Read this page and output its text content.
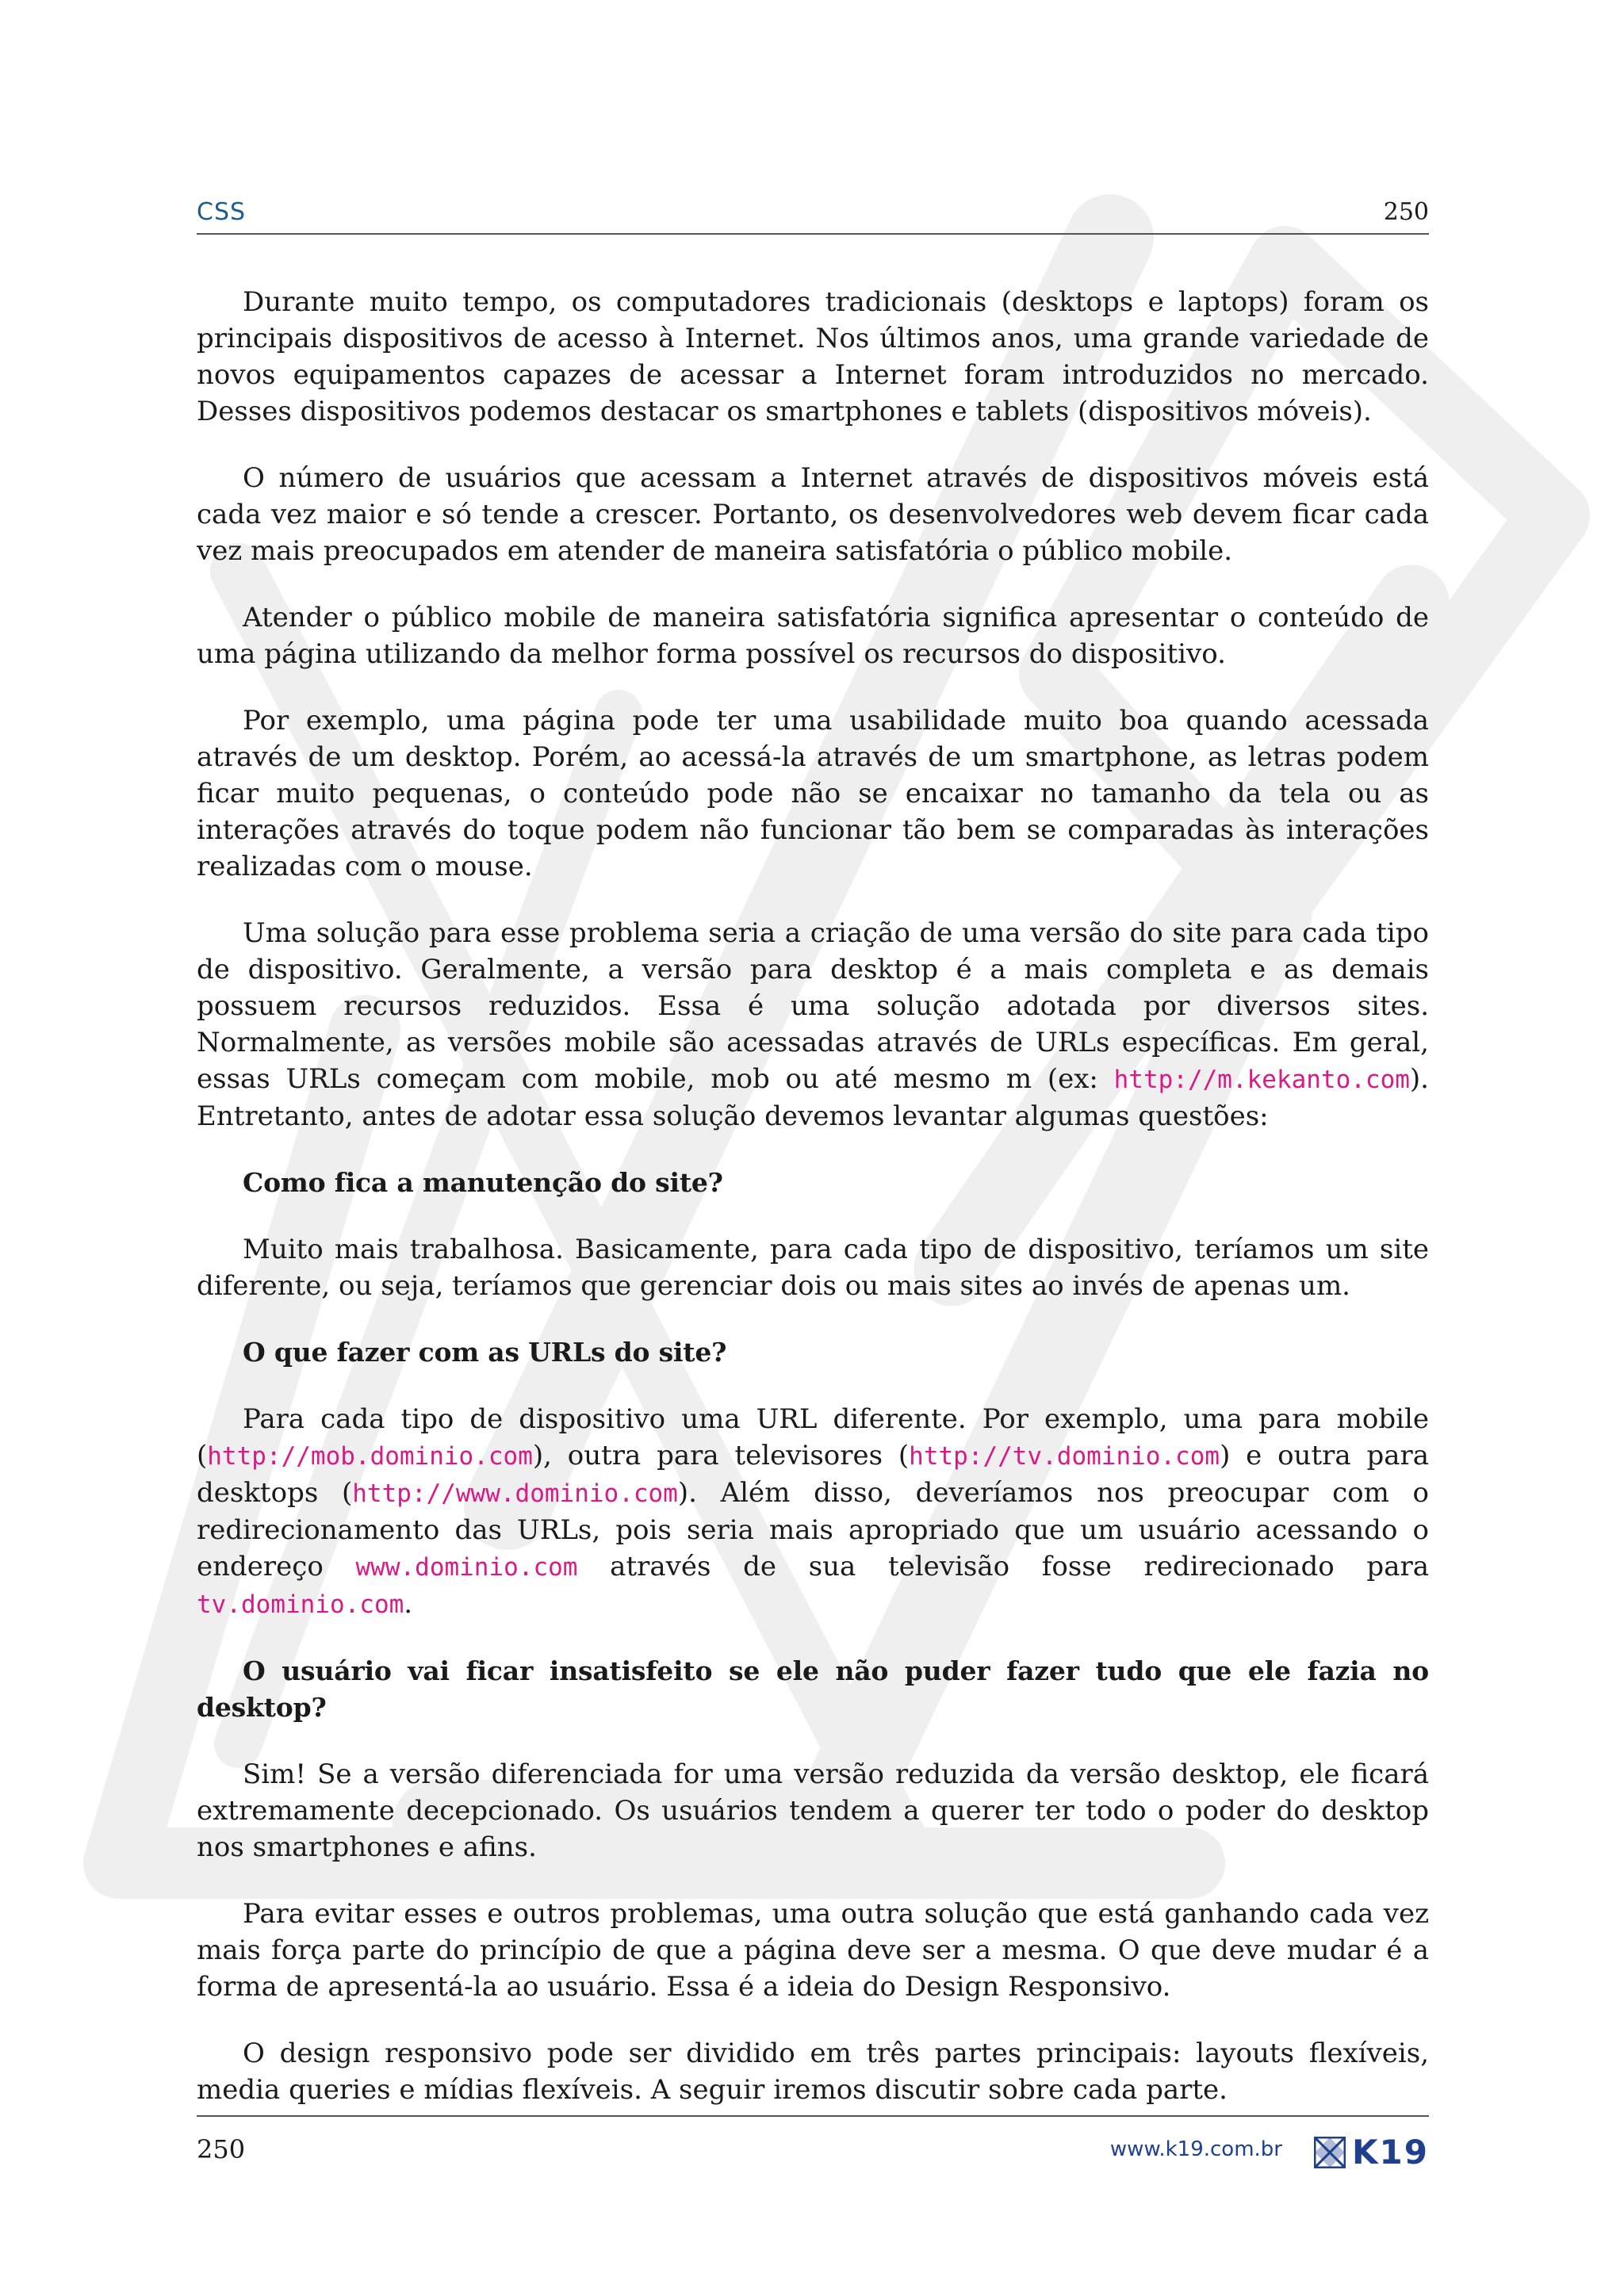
CSS	250

Durante muito tempo, os computadores tradicionais (desktops e laptops) foram os principais dispositivos de acesso à Internet. Nos últimos anos, uma grande variedade de novos equipamentos capazes de acessar a Internet foram introduzidos no mercado. Desses dispositivos podemos destacar os smartphones e tablets (dispositivos móveis).

O número de usuários que acessam a Internet através de dispositivos móveis está cada vez maior e só tende a crescer. Portanto, os desenvolvedores web devem ficar cada vez mais preocupados em atender de maneira satisfatória o público mobile.

Atender o público mobile de maneira satisfatória significa apresentar o conteúdo de uma página utilizando da melhor forma possível os recursos do dispositivo.

Por exemplo, uma página pode ter uma usabilidade muito boa quando acessada através de um desktop. Porém, ao acessá-la através de um smartphone, as letras podem ficar muito pequenas, o conteúdo pode não se encaixar no tamanho da tela ou as interações através do toque podem não funcionar tão bem se comparadas às interações realizadas com o mouse.

Uma solução para esse problema seria a criação de uma versão do site para cada tipo de dispositivo. Geralmente, a versão para desktop é a mais completa e as demais possuem recursos reduzidos. Essa é uma solução adotada por diversos sites. Normalmente, as versões mobile são acessadas através de URLs específicas. Em geral, essas URLs começam com mobile, mob ou até mesmo m (ex: http://m.kekanto.com). Entretanto, antes de adotar essa solução devemos levantar algumas questões:

Como fica a manutenção do site?

Muito mais trabalhosa. Basicamente, para cada tipo de dispositivo, teríamos um site diferente, ou seja, teríamos que gerenciar dois ou mais sites ao invés de apenas um.

O que fazer com as URLs do site?

Para cada tipo de dispositivo uma URL diferente. Por exemplo, uma para mobile (http://mob.dominio.com), outra para televisores (http://tv.dominio.com) e outra para desktops (http://www.dominio.com). Além disso, deveríamos nos preocupar com o redirecionamento das URLs, pois seria mais apropriado que um usuário acessando o endereço www.dominio.com através de sua televisão fosse redirecionado para tv.dominio.com.

O usuário vai ficar insatisfeito se ele não puder fazer tudo que ele fazia no desktop?

Sim! Se a versão diferenciada for uma versão reduzida da versão desktop, ele ficará extremamente decepcionado. Os usuários tendem a querer ter todo o poder do desktop nos smartphones e afins.

Para evitar esses e outros problemas, uma outra solução que está ganhando cada vez mais força parte do princípio de que a página deve ser a mesma. O que deve mudar é a forma de apresentá-la ao usuário. Essa é a ideia do Design Responsivo.

O design responsivo pode ser dividido em três partes principais: layouts flexíveis, media queries e mídias flexíveis. A seguir iremos discutir sobre cada parte.

250	www.k19.com.br K19
